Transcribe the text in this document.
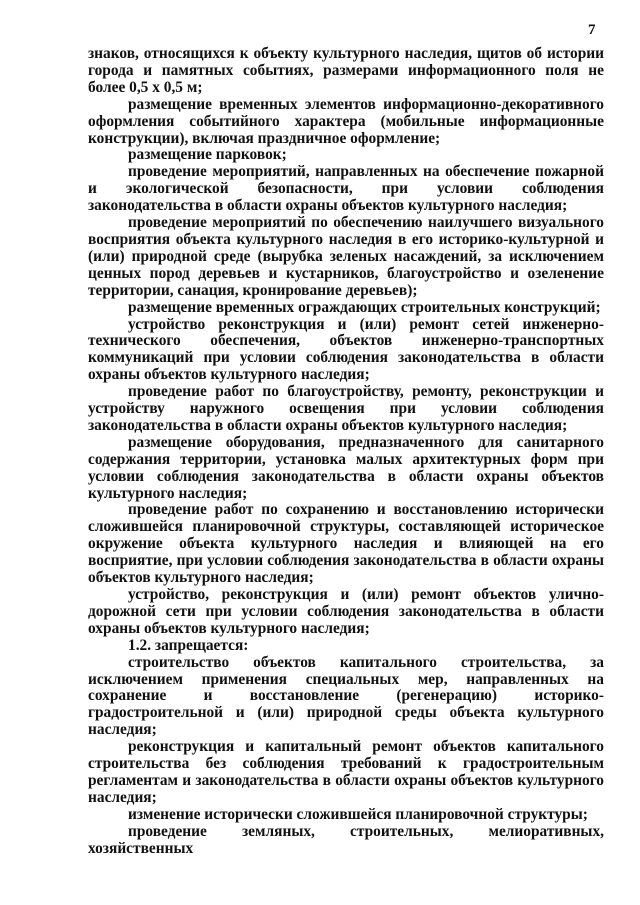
7

знаков, относящихся к объекту культурного наследия, щитов об истории города и памятных событиях, размерами информационного поля не более 0,5 х 0,5 м;

размещение временных элементов информационно-декоративного оформления событийного характера (мобильные информационные конструкции), включая праздничное оформление;

размещение парковок;

проведение мероприятий, направленных на обеспечение пожарной и экологической безопасности, при условии соблюдения законодательства в области охраны объектов культурного наследия;

проведение мероприятий по обеспечению наилучшего визуального восприятия объекта культурного наследия в его историко-культурной и (или) природной среде (вырубка зеленых насаждений, за исключением ценных пород деревьев и кустарников, благоустройство и озеленение территории, санация, кронирование деревьев);

размещение временных ограждающих строительных конструкций;

устройство реконструкция и (или) ремонт сетей инженерно-технического обеспечения, объектов инженерно-транспортных коммуникаций при условии соблюдения законодательства в области охраны объектов культурного наследия;

проведение работ по благоустройству, ремонту, реконструкции и устройству наружного освещения при условии соблюдения законодательства в области охраны объектов культурного наследия;

размещение оборудования, предназначенного для санитарного содержания территории, установка малых архитектурных форм при условии соблюдения законодательства в области охраны объектов культурного наследия;

проведение работ по сохранению и восстановлению исторически сложившейся планировочной структуры, составляющей историческое окружение объекта культурного наследия и влияющей на его восприятие, при условии соблюдения законодательства в области охраны объектов культурного наследия;

устройство, реконструкция и (или) ремонт объектов улично-дорожной сети при условии соблюдения законодательства в области охраны объектов культурного наследия;

1.2. запрещается:

строительство объектов капитального строительства, за исключением применения специальных мер, направленных на сохранение и восстановление (регенерацию) историко-градостроительной и (или) природной среды объекта культурного наследия;

реконструкция и капитальный ремонт объектов капитального строительства без соблюдения требований к градостроительным регламентам и законодательства в области охраны объектов культурного наследия;

изменение исторически сложившейся планировочной структуры;

проведение земляных, строительных, мелиоративных, хозяйственных
